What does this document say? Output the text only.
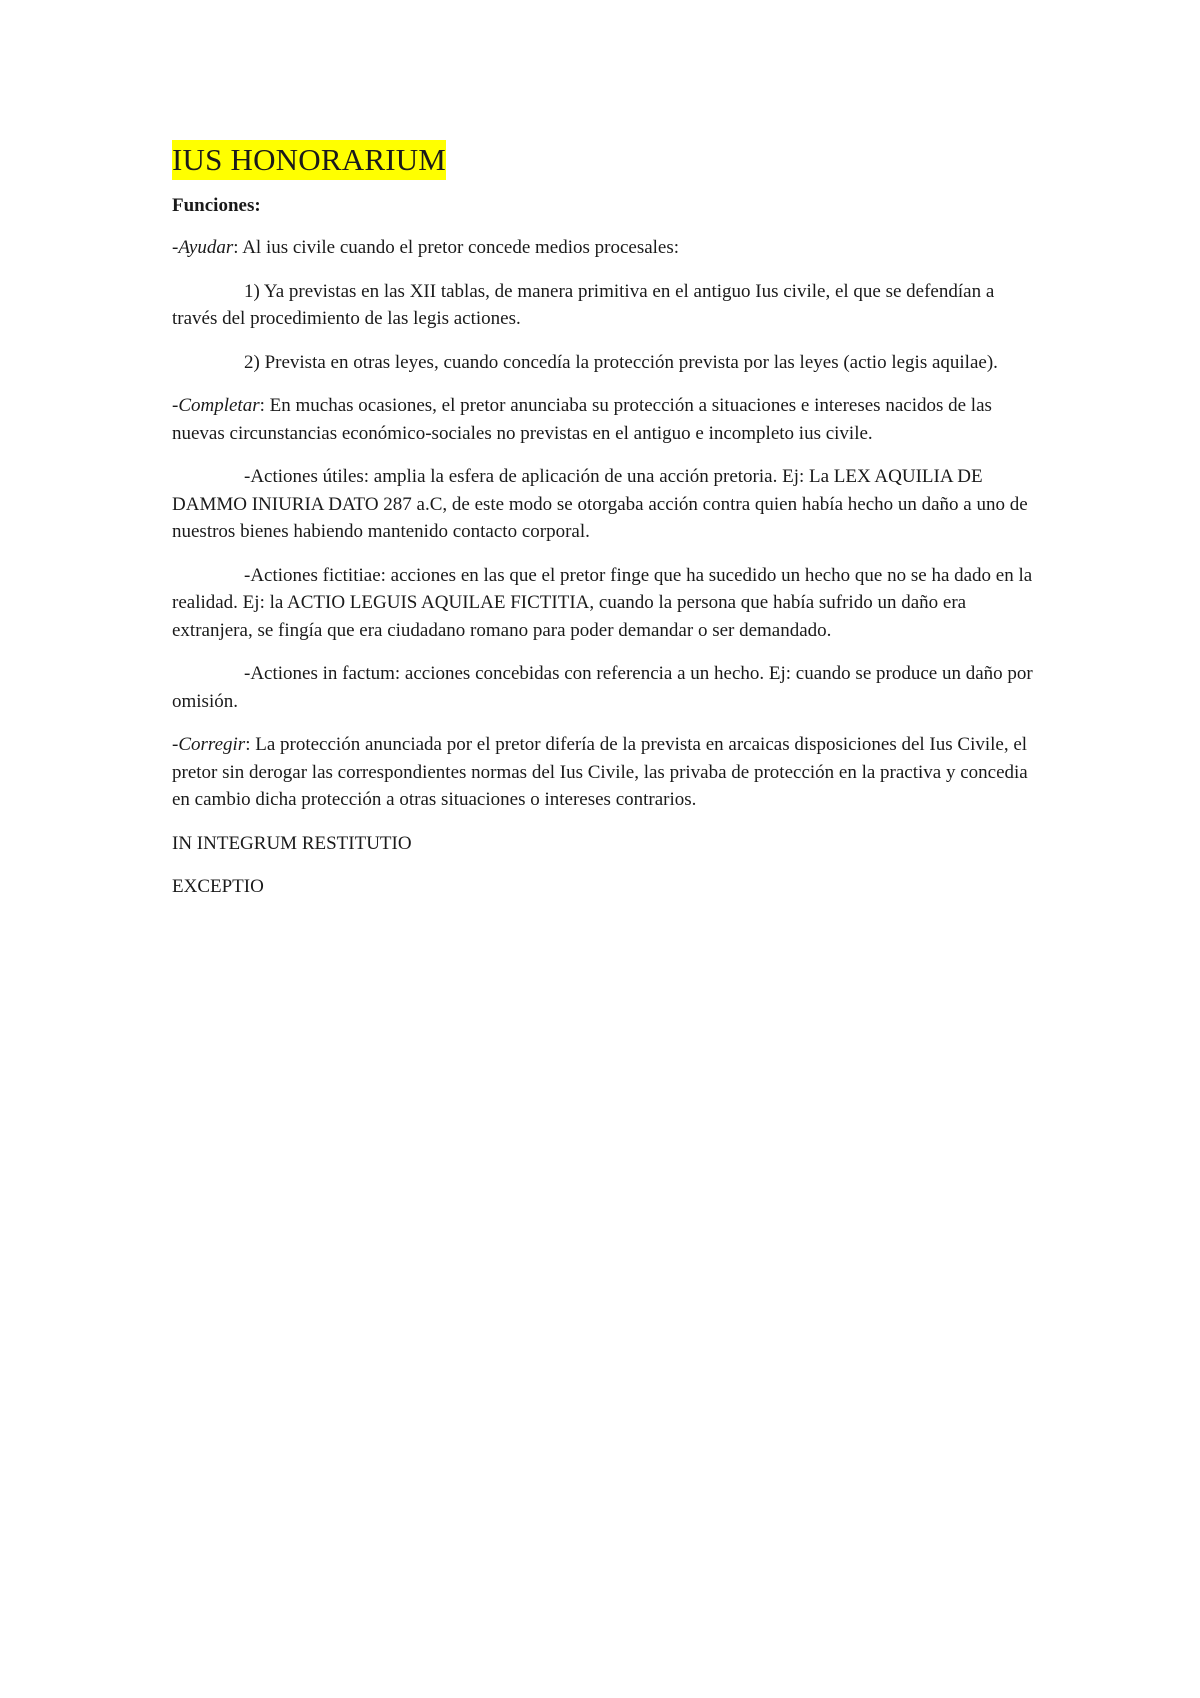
IUS HONORARIUM
Funciones:

-Ayudar: Al ius civile cuando el pretor concede medios procesales:

1) Ya previstas en las XII tablas, de manera primitiva en el antiguo Ius civile, el que se defendían a través del procedimiento de las legis actiones.

2) Prevista en otras leyes, cuando concedía la protección prevista por las leyes (actio legis aquilae).

-Completar: En muchas ocasiones, el pretor anunciaba su protección a situaciones e intereses nacidos de las nuevas circunstancias económico-sociales no previstas en el antiguo e incompleto ius civile.

-Actiones útiles: amplia la esfera de aplicación de una acción pretoria. Ej: La LEX AQUILIA DE DAMMO INIURIA DATO 287 a.C, de este modo se otorgaba acción contra quien había hecho un daño a uno de nuestros bienes habiendo mantenido contacto corporal.

-Actiones fictitiae: acciones en las que el pretor finge que ha sucedido un hecho que no se ha dado en la realidad. Ej: la ACTIO LEGUIS AQUILAE FICTITIA, cuando la persona que había sufrido un daño era extranjera, se fingía que era ciudadano romano para poder demandar o ser demandado.

-Actiones in factum: acciones concebidas con referencia a un hecho. Ej: cuando se produce un daño por omisión.

-Corregir: La protección anunciada por el pretor difería de la prevista en arcaicas disposiciones del Ius Civile, el pretor sin derogar las correspondientes normas del Ius Civile, las privaba de protección en la practiva y concedia en cambio dicha protección a otras situaciones o intereses contrarios.

IN INTEGRUM RESTITUTIO

EXCEPTIO
